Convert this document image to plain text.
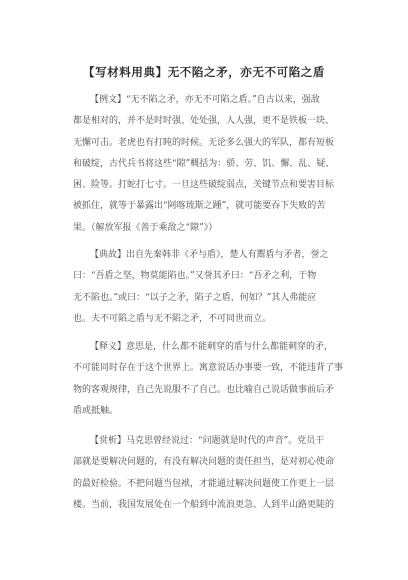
【写材料用典】无不陷之矛，亦无不可陷之盾
【例文】“无不陷之矛，亦无不可陷之盾。”自古以来，强敌
都是相对的，并不是时时强、处处强，人人强，更不是铁板一块、
无懈可击。老虎也有打盹的时候。无论多么强大的军队，都有短板
和破绽，古代兵书将这些“隙”概括为：骄、劳、饥、懈、乱、疑、
困、险等。打蛇打七寸。一旦这些破绽弱点，关键节点和要害目标
被抓住，就等于暴露出“阿喀琉斯之踵”，就可能要吞下失败的苦
果。（解放军报《善于乘敌之“隙”》）
【典故】出自先秦韩非《矛与盾》，楚人有鬻盾与矛者，誉之
曰：“吾盾之坚，物莫能陷也。”又誉其矛曰：“吾矛之利，于物
无不陷也。”或曰：“以子之矛，陷子之盾，何如？”其人弗能应
也。夫不可陷之盾与无不陷之矛，不可同世而立。
【释义】意思是，什么都不能刺穿的盾与什么都能刺穿的矛，
不可能同时存在于这个世界上。寓意说话办事要一致，不能违背了事
物的客观规律，自己先说服不了自己。也比喻自己说话做事前后矛
盾或抵触。
【赏析】马克思曾经说过：“问题就是时代的声音”。党员干
部就是要解决问题的，有没有解决问题的责任担当，是对初心使命
的最好检验。不把问题当包袱，才能通过解决问题使工作更上一层
楼。当前，我国发展处在一个船到中流浪更急、人到半山路更陡的
